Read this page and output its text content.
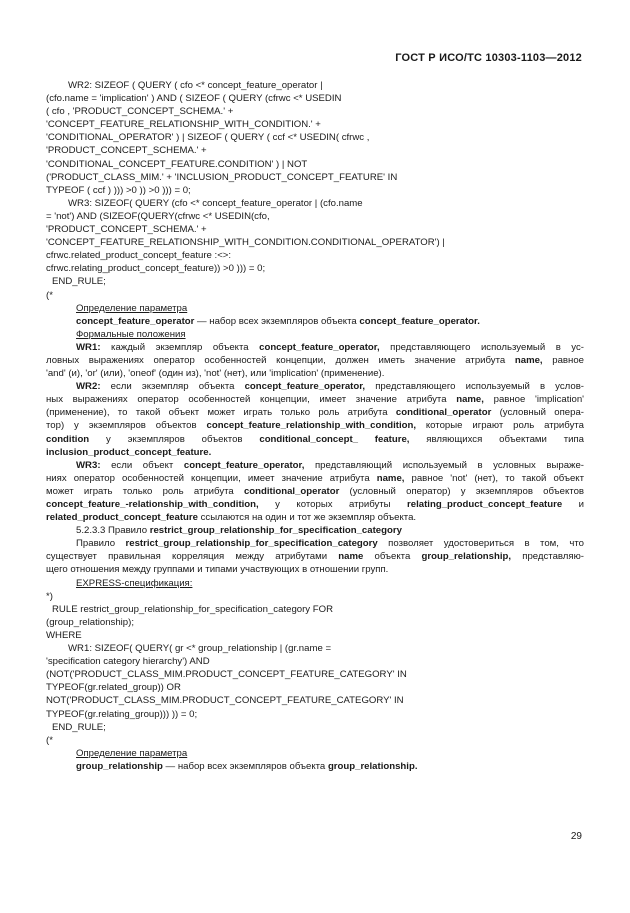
ГОСТ Р ИСО/ТС 10303-1103—2012
WR2: SIZEOF ( QUERY ( cfo <* concept_feature_operator |
(cfo.name = 'implication' ) AND ( SIZEOF ( QUERY (cfrwc <* USEDIN
( cfo , 'PRODUCT_CONCEPT_SCHEMA.' +
'CONCEPT_FEATURE_RELATIONSHIP_WITH_CONDITION.' +
'CONDITIONAL_OPERATOR' ) | SIZEOF ( QUERY ( ccf <* USEDIN( cfrwc ,
'PRODUCT_CONCEPT_SCHEMA.' +
'CONDITIONAL_CONCEPT_FEATURE.CONDITION' ) | NOT
('PRODUCT_CLASS_MIM.' + 'INCLUSION_PRODUCT_CONCEPT_FEATURE' IN
TYPEOF ( ccf ) ))) >0 )) >0 ))) = 0;
WR3: SIZEOF( QUERY (cfo <* concept_feature_operator | (cfo.name
= 'not') AND (SIZEOF(QUERY(cfrwc <* USEDIN(cfo,
'PRODUCT_CONCEPT_SCHEMA.' +
'CONCEPT_FEATURE_RELATIONSHIP_WITH_CONDITION.CONDITIONAL_OPERATOR') |
cfrwc.related_product_concept_feature :<>:
cfrwc.relating_product_concept_feature)) >0 ))) = 0;
END_RULE;
(*
Определение параметра
concept_feature_operator — набор всех экземпляров объекта concept_feature_operator.
Формальные положения
WR1: каждый экземпляр объекта concept_feature_operator, представляющего используемый в ус-
ловных выражениях оператор особенностей концепции, должен иметь значение атрибута name, равное
'and' (и), 'or' (или), 'oneof' (один из), 'not' (нет), или 'implication' (применение).
WR2: если экземпляр объекта concept_feature_operator, представляющего используемый в услов-
ных выражениях оператор особенностей концепции, имеет значение атрибута name, равное 'implication'
(применение), то такой объект может играть только роль атрибута conditional_operator (условный опера-
тор) у экземпляров объектов concept_feature_relationship_with_condition, которые играют роль атрибута
condition у экземпляров объектов conditional_concept_ feature, являющихся объектами типа
inclusion_product_concept_feature.
WR3: если объект concept_feature_operator, представляющий используемый в условных выраже-
ниях оператор особенностей концепции, имеет значение атрибута name, равное 'not' (нет), то такой объект
может играть только роль атрибута conditional_operator (условный оператор) у экземпляров объектов
concept_feature_-relationship_with_condition, у которых атрибуты relating_product_concept_feature и
related_product_concept_feature ссылаются на один и тот же экземпляр объекта.
5.2.3.3 Правило restrict_group_relationship_for_specification_category
Правило restrict_group_relationship_for_specification_category позволяет удостовериться в том, что
существует правильная корреляция между атрибутами name объекта group_relationship, представляю-
щего отношения между группами и типами участвующих в отношении групп.
EXPRESS-спецификация:
*)
RULE restrict_group_relationship_for_specification_category FOR
(group_relationship);
WHERE
WR1: SIZEOF( QUERY( gr <* group_relationship | (gr.name =
'specification category hierarchy') AND
(NOT('PRODUCT_CLASS_MIM.PRODUCT_CONCEPT_FEATURE_CATEGORY' IN
TYPEOF(gr.related_group)) OR
NOT('PRODUCT_CLASS_MIM.PRODUCT_CONCEPT_FEATURE_CATEGORY' IN
TYPEOF(gr.relating_group))) )) = 0;
END_RULE;
(*
Определение параметра
group_relationship — набор всех экземпляров объекта group_relationship.
29
